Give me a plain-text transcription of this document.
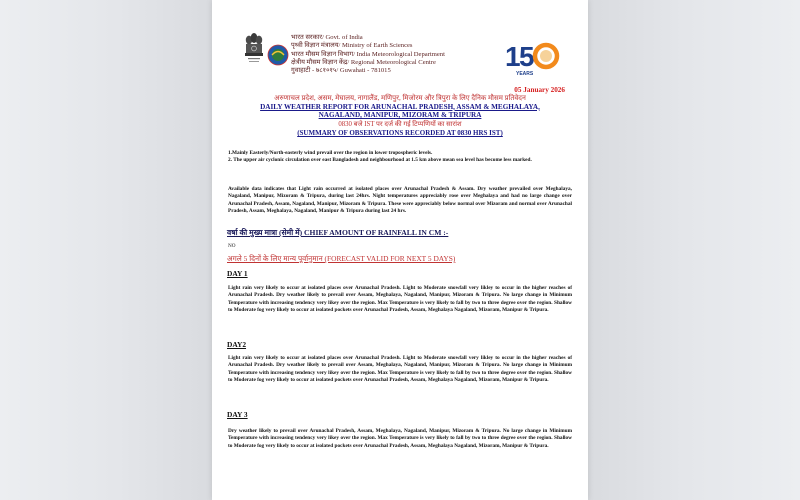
भारत सरकार/ Govt. of India
पृथ्वी विज्ञान मंत्रालय/ Ministry of Earth Sciences
भारत मौसम विज्ञान विभाग/ India Meteorological Department
क्षेत्रीय मौसम विज्ञान केंद्र/ Regional Meteorological Centre
गुवाहाटी - ७८१०१५/ Guwahati - 781015	1
5
YEARS
05 January 2026
अरुणाचल प्रदेश, असम, मेघालय, नागालैंड, मणिपुर, मिजोरम और त्रिपुरा के लिए दैनिक मौसम प्रतिवेदन
DAILY WEATHER REPORT FOR ARUNACHAL PRADESH, ASSAM & MEGHALAYA,
NAGALAND, MANIPUR, MIZORAM & TRIPURA
0830 बजे IST पर दर्ज की गई टिप्पणियों का सारांश
(SUMMARY OF OBSERVATIONS RECORDED AT 0830 HRS IST)
1.Mainly Easterly/North-easterly wind prevail over the region in lower tropospheric levels.
2. The upper air cyclonic circulation over east Bangladesh and neighbourhood at 1.5 km above mean sea level has become less marked.
Available data indicates that Light rain occurred at isolated places over Arunachal Pradesh & Assam. Dry weather prevailed over Meghalaya, Nagaland, Manipur, Mizoram & Tripura, during last 24hrs. Night temperatures appreciably rose over Meghalaya and had no large change over Arunachal Pradesh, Assam, Nagaland, Manipur, Mizoram & Tripura. These were appreciably below normal over Mizoram and normal over Arunachal Pradesh, Assam, Meghalaya, Nagaland, Manipur & Tripura during last 24 hrs.
वर्षा की मुख्य मात्रा (सेमी में) CHIEF AMOUNT OF RAINFALL IN CM :-
NO
अगले 5 दिनों के लिए मान्य पूर्वानुमान (FORECAST VALID FOR NEXT 5 DAYS)
DAY 1
Light rain very likely to occur at isolated places over Arunachal Pradesh. Light to Moderate snowfall very likley to occur in the higher reaches of Arunachal Pradesh. Dry weather likely to prevail over Assam, Meghalaya, Nagaland, Manipur, Mizoram & Tripura. No large change in Minimum Temperature with increasing tendency very likey over the region. Max Temperature is very likely to fall by two to three degree over the region. Shallow to Moderate fog very likely to occur at isolated pockets over Arunachal Pradesh, Assam, Meghalaya Nagaland, Mizoram, Manipur & Tripura.
DAY2
Light rain very likely to occur at isolated places over Arunachal Pradesh. Light to Moderate snowfall very likley to occur in the higher reaches of Arunachal Pradesh. Dry weather likely to prevail over Assam, Meghalaya, Nagaland, Manipur, Mizoram & Tripura. No large change in Minimum Temperature with increasing tendency very likey over the region. Max Temperature is very likely to fall by two to three degree over the region. Shallow to Moderate fog very likely to occur at isolated pockets over Arunachal Pradesh, Assam, Meghalaya Nagaland, Mizoram, Manipur & Tripura.
DAY 3
Dry weather likely to prevail over Arunachal Pradesh, Assam, Meghalaya, Nagaland, Manipur, Mizoram & Tripura. No large change in Minimum Temperature with increasing tendency very likey over the region. Max Temperature is very likely to fall by two to three degree over the region. Shallow to Moderate fog very likely to occur at isolated pockets over Arunachal Pradesh, Assam, Meghalaya Nagaland, Mizoram, Manipur & Tripura.
